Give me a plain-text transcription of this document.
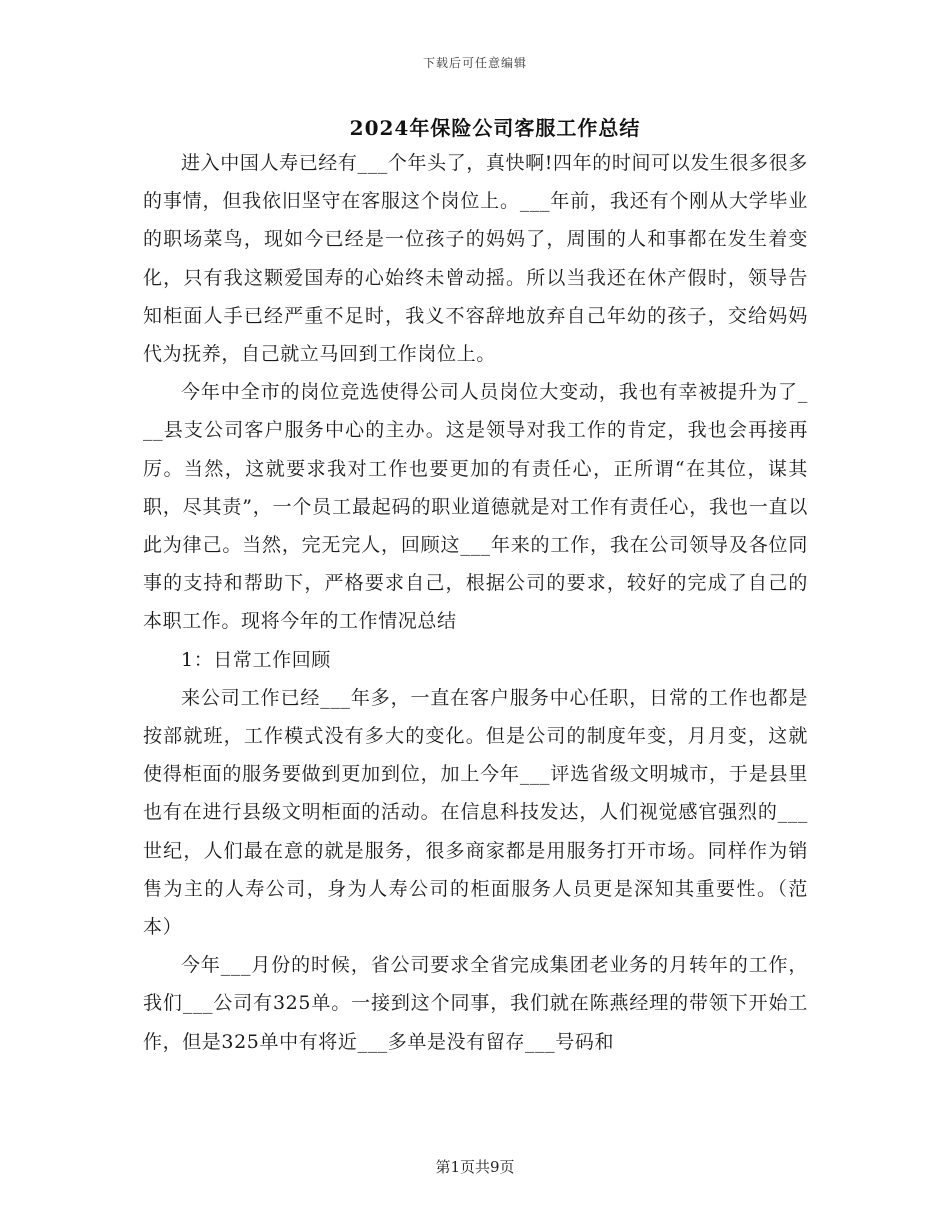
下载后可任意编辑
2024年保险公司客服工作总结

进入中国人寿已经有___个年头了，真快啊!四年的时间可以发生很多很多的事情，但我依旧坚守在客服这个岗位上。___年前，我还有个刚从大学毕业的职场菜鸟，现如今已经是一位孩子的妈妈了，周围的人和事都在发生着变化，只有我这颗爱国寿的心始终未曾动摇。所以当我还在休产假时，领导告知柜面人手已经严重不足时，我义不容辞地放弃自己年幼的孩子，交给妈妈代为抚养，自己就立马回到工作岗位上。

今年中全市的岗位竞选使得公司人员岗位大变动，我也有幸被提升为了___县支公司客户服务中心的主办。这是领导对我工作的肯定，我也会再接再厉。当然，这就要求我对工作也要更加的有责任心，正所谓“在其位，谋其职，尽其责”，一个员工最起码的职业道德就是对工作有责任心，我也一直以此为律己。当然，完无完人，回顾这___年来的工作，我在公司领导及各位同事的支持和帮助下，严格要求自己，根据公司的要求，较好的完成了自己的本职工作。现将今年的工作情况总结

1：日常工作回顾

来公司工作已经___年多，一直在客户服务中心任职，日常的工作也都是按部就班，工作模式没有多大的变化。但是公司的制度年变，月月变，这就使得柜面的服务要做到更加到位，加上今年___评选省级文明城市，于是县里也有在进行县级文明柜面的活动。在信息科技发达，人们视觉感官强烈的___世纪，人们最在意的就是服务，很多商家都是用服务打开市场。同样作为销售为主的人寿公司，身为人寿公司的柜面服务人员更是深知其重要性。（范本）

今年___月份的时候，省公司要求全省完成集团老业务的月转年的工作，我们___公司有325单。一接到这个同事，我们就在陈燕经理的带领下开始工作，但是325单中有将近___多单是没有留存___号码和

第1页共9页
